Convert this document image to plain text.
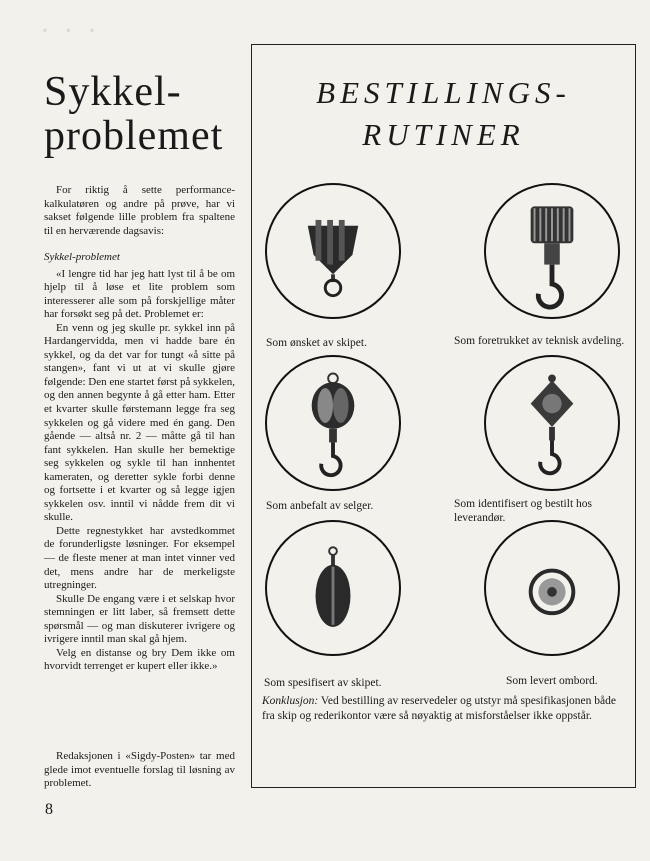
· · ·
Sykkel-
problemet

For riktig å sette performance-kalkulatøren og andre på prøve, har vi sakset følgende lille problem fra spaltene til en herværende dagsavis:

Sykkel-problemet

«I lengre tid har jeg hatt lyst til å be om hjelp til å løse et lite problem som interesserer alle som på forskjellige måter har forsøkt seg på det. Problemet er:

En venn og jeg skulle pr. sykkel inn på Hardangervidda, men vi hadde bare én sykkel, og da det var for tungt «å sitte på stangen», fant vi ut at vi skulle gjøre følgende: Den ene startet først på sykkelen, og den annen begynte å gå etter ham. Etter et kvarter skulle førstemann legge fra seg sykkelen og gå videre med én gang. Den gående — altså nr. 2 — måtte gå til han fant sykkelen. Han skulle her bemektige seg sykkelen og sykle til han innhentet kameraten, og deretter sykle forbi denne og fortsette i et kvarter og så legge igjen sykkelen osv. inntil vi nådde frem dit vi skulle.

Dette regnestykket har avstedkommet de forunderligste løsninger. For eksempel — de fleste mener at man intet vinner ved det, mens andre har de merkeligste utregninger.

Skulle De engang være i et selskap hvor stemningen er litt laber, så fremsett dette spørsmål — og man diskuterer ivrigere og ivrigere inntil man skal gå hjem.

Velg en distanse og bry Dem ikke om hvorvidt terrenget er kupert eller ikke.»

Redaksjonen i «Sigdy-Posten» tar med glede imot eventuelle forslag til løsning av problemet.

8
BESTILLINGS-
RUTINER
Som ønsket av skipet.	Som foretrukket av teknisk avdeling.
Som anbefalt av selger.	Som identifisert og bestilt hos leverandør.
Som spesifisert av skipet.	Som levert ombord.
Konklusjon: Ved bestilling av reservedeler og utstyr må spesifikasjonen både fra skip og rederikontor være så nøyaktig at misforståelser ikke oppstår.
